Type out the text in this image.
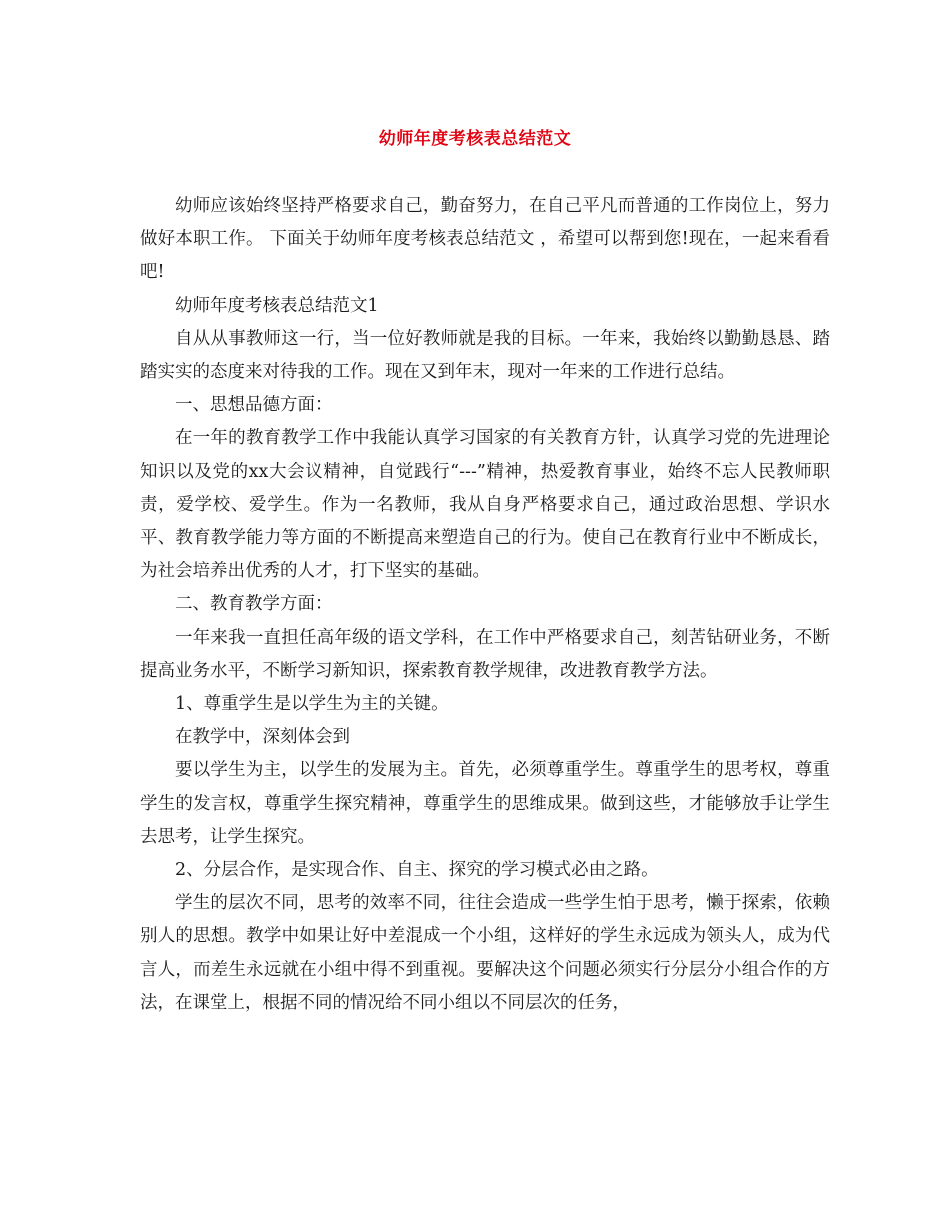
幼师年度考核表总结范文

幼师应该始终坚持严格要求自己，勤奋努力，在自己平凡而普通的工作岗位上，努力做好本职工作。 下面关于幼师年度考核表总结范文 ，希望可以帮到您!现在，一起来看看吧!

幼师年度考核表总结范文1

自从从事教师这一行，当一位好教师就是我的目标。一年来，我始终以勤勤恳恳、踏踏实实的态度来对待我的工作。现在又到年末，现对一年来的工作进行总结。

一、思想品德方面：

在一年的教育教学工作中我能认真学习国家的有关教育方针，认真学习党的先进理论知识以及党的xx大会议精神，自觉践行“---”精神，热爱教育事业，始终不忘人民教师职责，爱学校、爱学生。作为一名教师，我从自身严格要求自己，通过政治思想、学识水平、教育教学能力等方面的不断提高来塑造自己的行为。使自己在教育行业中不断成长，为社会培养出优秀的人才，打下坚实的基础。

二、教育教学方面：

一年来我一直担任高年级的语文学科，在工作中严格要求自己，刻苦钻研业务，不断提高业务水平，不断学习新知识，探索教育教学规律，改进教育教学方法。

1、尊重学生是以学生为主的关键。

在教学中，深刻体会到

要以学生为主，以学生的发展为主。首先，必须尊重学生。尊重学生的思考权，尊重学生的发言权，尊重学生探究精神，尊重学生的思维成果。做到这些，才能够放手让学生去思考，让学生探究。

2、分层合作，是实现合作、自主、探究的学习模式必由之路。

学生的层次不同，思考的效率不同，往往会造成一些学生怕于思考，懒于探索，依赖别人的思想。教学中如果让好中差混成一个小组，这样好的学生永远成为领头人，成为代言人，而差生永远就在小组中得不到重视。要解决这个问题必须实行分层分小组合作的方法，在课堂上，根据不同的情况给不同小组以不同层次的任务，
